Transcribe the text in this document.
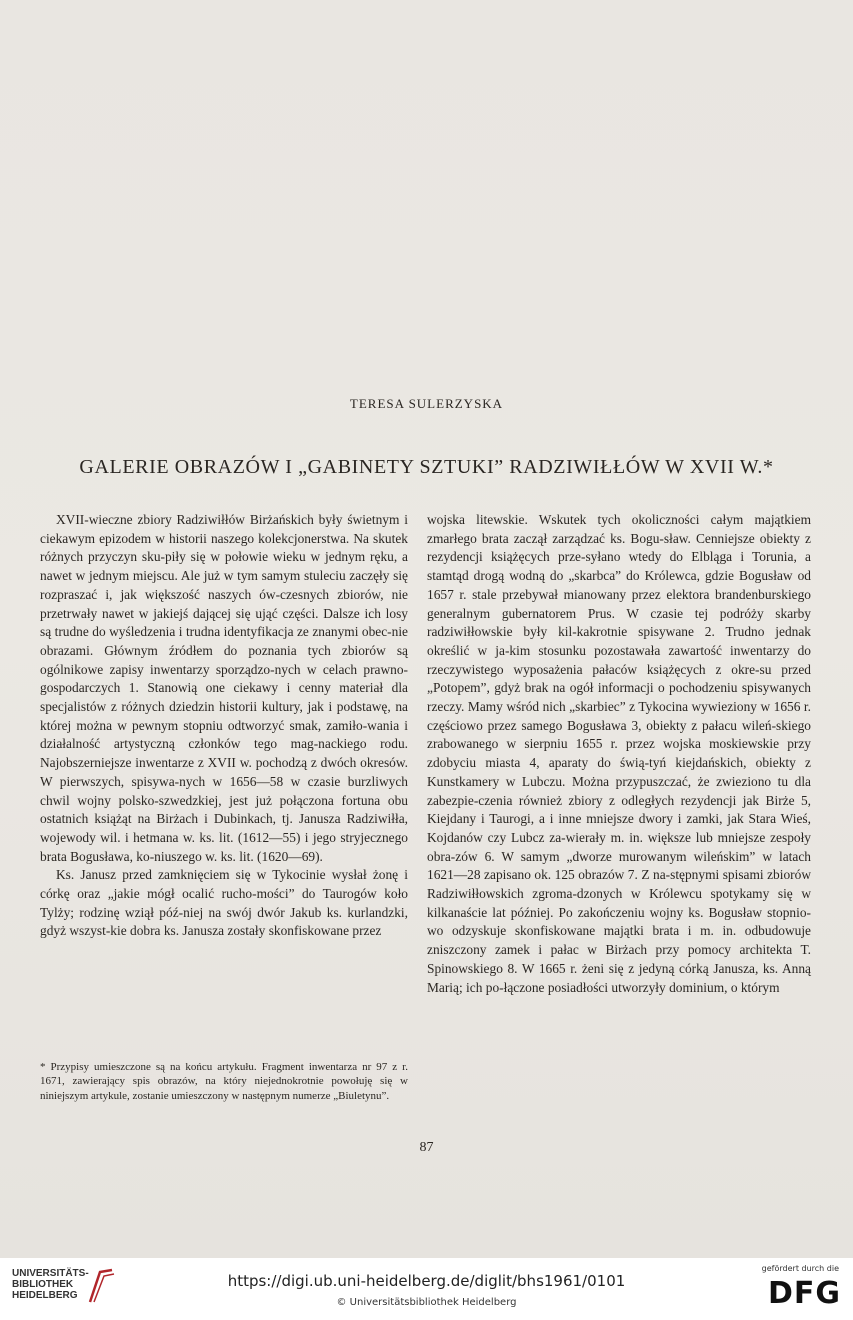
TERESA SULERZYSKA
GALERIE OBRAZÓW I „GABINETY SZTUKI” RADZIWIŁŁÓW W XVII W.*

XVII-wieczne zbiory Radziwiłłów Birżańskich były świetnym i ciekawym epizodem w historii naszego kolekcjonerstwa. Na skutek różnych przyczyn sku-piły się w połowie wieku w jednym ręku, a nawet w jednym miejscu. Ale już w tym samym stuleciu zaczęły się rozpraszać i, jak większość naszych ów-czesnych zbiorów, nie przetrwały nawet w jakiejś dającej się ująć części. Dalsze ich losy są trudne do wyśledzenia i trudna identyfikacja ze znanymi obec-nie obrazami. Głównym źródłem do poznania tych zbiorów są ogólnikowe zapisy inwentarzy sporządzo-nych w celach prawno-gospodarczych 1. Stanowią one ciekawy i cenny materiał dla specjalistów z różnych dziedzin historii kultury, jak i podstawę, na której można w pewnym stopniu odtworzyć smak, zamiło-wania i działalność artystyczną członków tego mag-nackiego rodu. Najobszerniejsze inwentarze z XVII w. pochodzą z dwóch okresów. W pierwszych, spisywa-nych w 1656—58 w czasie burzliwych chwil wojny polsko-szwedzkiej, jest już połączona fortuna obu ostatnich książąt na Birżach i Dubinkach, tj. Janusza Radziwiłła, wojewody wil. i hetmana w. ks. lit. (1612—55) i jego stryjecznego brata Bogusława, ko-niuszego w. ks. lit. (1620—69).

Ks. Janusz przed zamknięciem się w Tykocinie wysłał żonę i córkę oraz „jakie mógł ocalić rucho-mości” do Taurogów koło Tylży; rodzinę wziął póź-niej na swój dwór Jakub ks. kurlandzki, gdyż wszyst-kie dobra ks. Janusza zostały skonfiskowane przez

* Przypisy umieszczone są na końcu artykułu. Fragment inwentarza nr 97 z r. 1671, zawierający spis obrazów, na który niejednokrotnie powołuję się w niniejszym artykule, zostanie umieszczony w następnym numerze „Biuletynu”.

wojska litewskie. Wskutek tych okoliczności całym majątkiem zmarłego brata zaczął zarządzać ks. Bogu-sław. Cenniejsze obiekty z rezydencji książęcych prze-syłano wtedy do Elbląga i Torunia, a stamtąd drogą wodną do „skarbca” do Królewca, gdzie Bogusław od 1657 r. stale przebywał mianowany przez elektora brandenburskiego generalnym gubernatorem Prus. W czasie tej podróży skarby radziwiłłowskie były kil-kakrotnie spisywane 2. Trudno jednak określić w ja-kim stosunku pozostawała zawartość inwentarzy do rzeczywistego wyposażenia pałaców książęcych z okre-su przed „Potopem”, gdyż brak na ogół informacji o pochodzeniu spisywanych rzeczy. Mamy wśród nich „skarbiec” z Tykocina wywieziony w 1656 r. częściowo przez samego Bogusława 3, obiekty z pałacu wileń-skiego zrabowanego w sierpniu 1655 r. przez wojska moskiewskie przy zdobyciu miasta 4, aparaty do świą-tyń kiejdańskich, obiekty z Kunstkamery w Lubczu. Można przypuszczać, że zwieziono tu dla zabezpie-czenia również zbiory z odległych rezydencji jak Birże 5, Kiejdany i Taurogi, a i inne mniejsze dwory i zamki, jak Stara Wieś, Kojdanów czy Lubcz za-wierały m. in. większe lub mniejsze zespoły obra-zów 6. W samym „dworze murowanym wileńskim” w latach 1621—28 zapisano ok. 125 obrazów 7. Z na-stępnymi spisami zbiorów Radziwiłłowskich zgroma-dzonych w Królewcu spotykamy się w kilkanaście lat później. Po zakończeniu wojny ks. Bogusław stopnio-wo odzyskuje skonfiskowane majątki brata i m. in. odbudowuje zniszczony zamek i pałac w Birżach przy pomocy architekta T. Spinowskiego 8. W 1665 r. żeni się z jedyną córką Janusza, ks. Anną Marią; ich po-łączone posiadłości utworzyły dominium, o którym

87
UNIVERSITÄTS-
BIBLIOTHEK
HEIDELBERG
https://digi.ub.uni-heidelberg.de/diglit/bhs1961/0101
© Universitätsbibliothek Heidelberg
gefördert durch die
DFG
